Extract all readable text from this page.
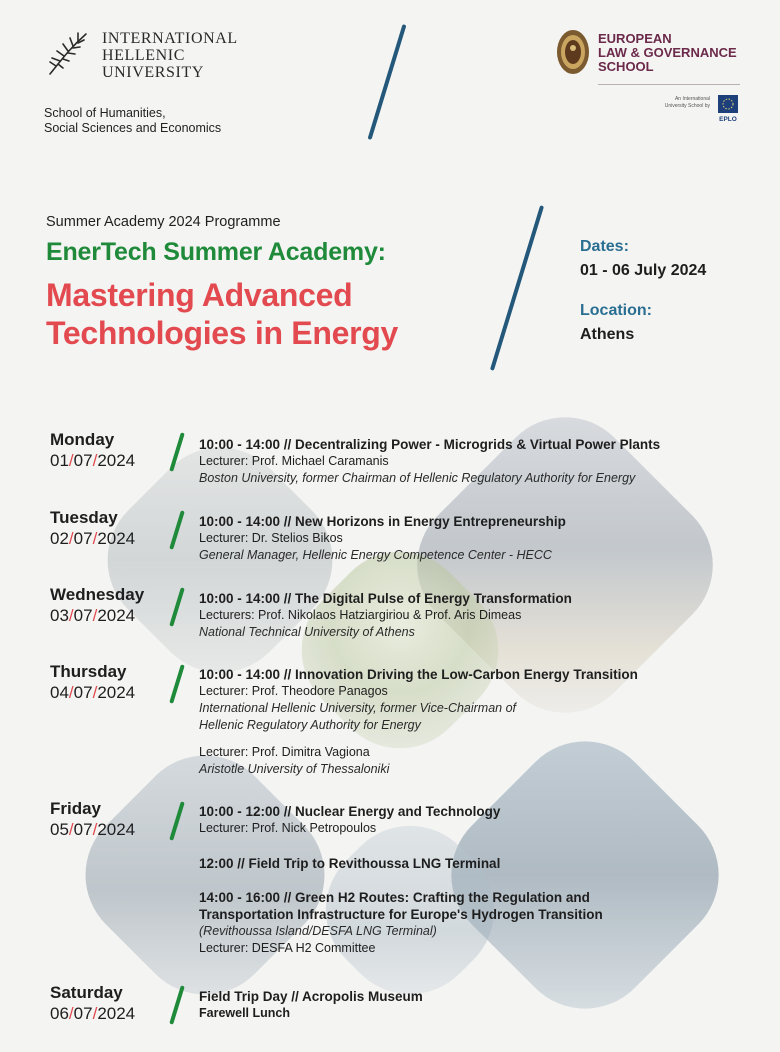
INTERNATIONAL
HELLENIC
UNIVERSITY
School of Humanities,
Social Sciences and Economics
EUROPEAN
LAW & GOVERNANCE
SCHOOL
An International
University School by
EPLO
Summer Academy 2024 Programme
EnerTech Summer Academy:
Mastering Advanced
Technologies in Energy
Dates:
01 - 06 July 2024
Location:
Athens
Monday
01/07/2024
10:00 - 14:00 // Decentralizing Power - Microgrids & Virtual Power Plants
Lecturer: Prof. Michael Caramanis
Boston University, former Chairman of Hellenic Regulatory Authority for Energy
Tuesday
02/07/2024
10:00 - 14:00 // New Horizons in Energy Entrepreneurship
Lecturer: Dr. Stelios Bikos
General Manager, Hellenic Energy Competence Center - HECC
Wednesday
03/07/2024
10:00 - 14:00 // The Digital Pulse of Energy Transformation
Lecturers: Prof. Nikolaos Hatziargiriou & Prof. Aris Dimeas
National Technical University of Athens
Thursday
04/07/2024
10:00 - 14:00 // Innovation Driving the Low-Carbon Energy Transition
Lecturer: Prof. Theodore Panagos
International Hellenic University, former Vice-Chairman of
Hellenic Regulatory Authority for Energy
Lecturer: Prof. Dimitra Vagiona
Aristotle University of Thessaloniki
Friday
05/07/2024
10:00 - 12:00 // Nuclear Energy and Technology
Lecturer: Prof. Nick Petropoulos
12:00 // Field Trip to Revithoussa LNG Terminal
14:00 - 16:00 // Green H2 Routes: Crafting the Regulation and
Transportation Infrastructure for Europe's Hydrogen Transition
(Revithoussa Island/DESFA LNG Terminal)
Lecturer: DESFA H2 Committee
Saturday
06/07/2024
Field Trip Day // Acropolis Museum
Farewell Lunch
